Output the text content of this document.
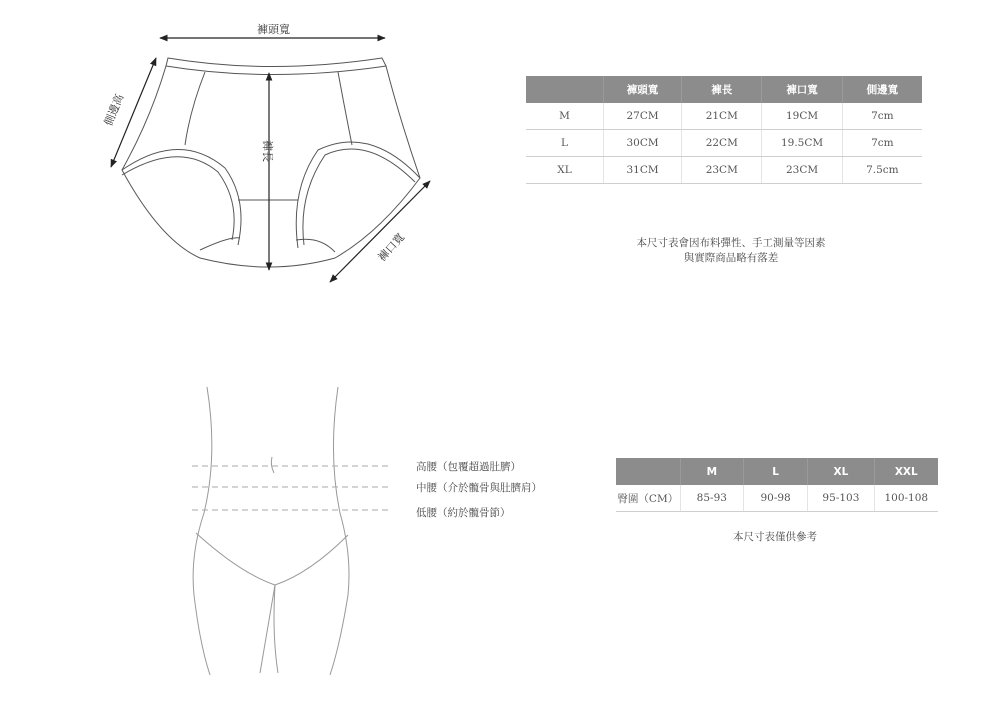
褲頭寬
側邊高
褲長
褲口寬
	褲頭寬	褲長	褲口寬	側邊寬
M	27CM	21CM	19CM	7cm
L	30CM	22CM	19.5CM	7cm
XL	31CM	23CM	23CM	7.5cm
本尺寸表會因布料彈性、手工測量等因素
與實際商品略有落差
高腰（包覆超過肚臍）
中腰（介於髖骨與肚臍肩）
低腰（約於髖骨節）
	M	L	XL	XXL
臀圍（CM）	85-93	90-98	95-103	100-108
本尺寸表僅供參考
